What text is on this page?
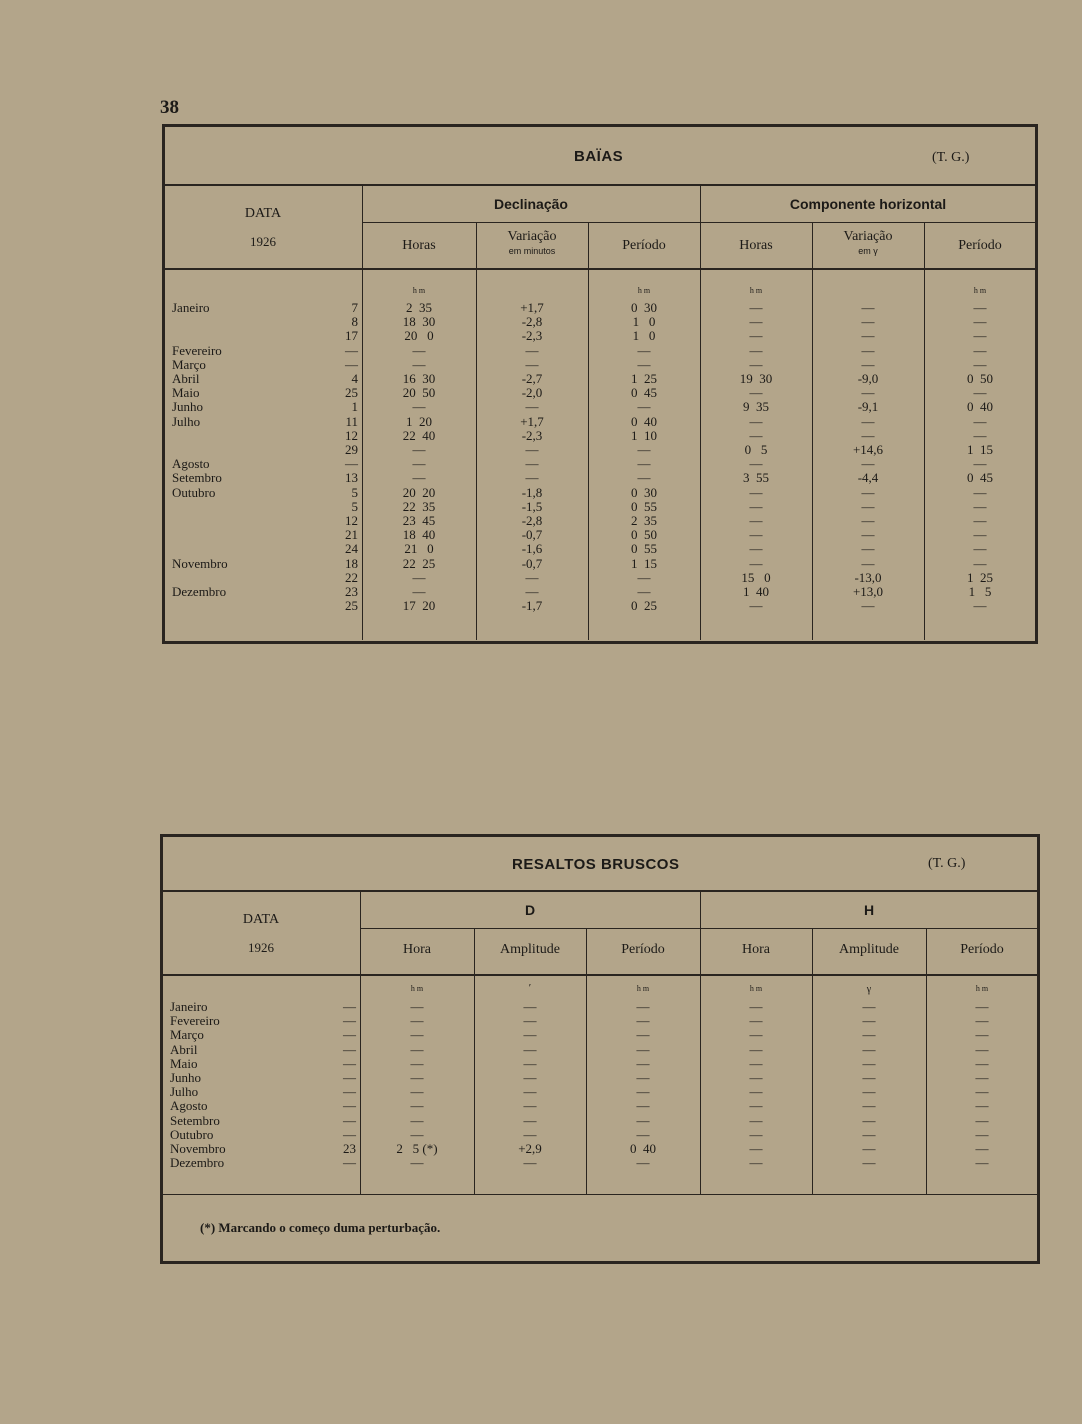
38
BAÏAS	(T. G.)
DATA
1926
Declinação	Componente horizontal
Horas
Variação
em minutos	Período	Horas
Variação
em γ	Período
h m	h m	h m	h m
Janeiro	7	2  35	+1,7	0  30	—	—	—
8	18  30	-2,8	1   0	—	—	—
17	20   0	-2,3	1   0	—	—	—
Fevereiro	—	—	—	—	—	—	—
Março	—	—	—	—	—	—	—
Abril	4	16  30	-2,7	1  25	19  30	-9,0	0  50
Maio	25	20  50	-2,0	0  45	—	—	—
Junho	1	—	—	—	9  35	-9,1	0  40
Julho	11	1  20	+1,7	0  40	—	—	—
12	22  40	-2,3	1  10	—	—	—
29	—	—	—	0   5	+14,6	1  15
Agosto	—	—	—	—	—	—	—
Setembro	13	—	—	—	3  55	-4,4	0  45
Outubro	5	20  20	-1,8	0  30	—	—	—
5	22  35	-1,5	0  55	—	—	—
12	23  45	-2,8	2  35	—	—	—
21	18  40	-0,7	0  50	—	—	—
24	21   0	-1,6	0  55	—	—	—
Novembro	18	22  25	-0,7	1  15	—	—	—
22	—	—	—	15   0	-13,0	1  25
Dezembro	23	—	—	—	1  40	+13,0	1   5
25	17  20	-1,7	0  25	—	—	—
RESALTOS BRUSCOS	(T. G.)
DATA
1926
D	H
Hora	Amplitude	Período	Hora	Amplitude	Período
h m	′	h m	h m	γ	h m
Janeiro	—	—	—	—	—	—	—
Fevereiro	—	—	—	—	—	—	—
Março	—	—	—	—	—	—	—
Abril	—	—	—	—	—	—	—
Maio	—	—	—	—	—	—	—
Junho	—	—	—	—	—	—	—
Julho	—	—	—	—	—	—	—
Agosto	—	—	—	—	—	—	—
Setembro	—	—	—	—	—	—	—
Outubro	—	—	—	—	—	—	—
Novembro	23	2   5 (*)	+2,9	0  40	—	—	—
Dezembro	—	—	—	—	—	—	—
(*) Marcando o começo duma perturbação.
